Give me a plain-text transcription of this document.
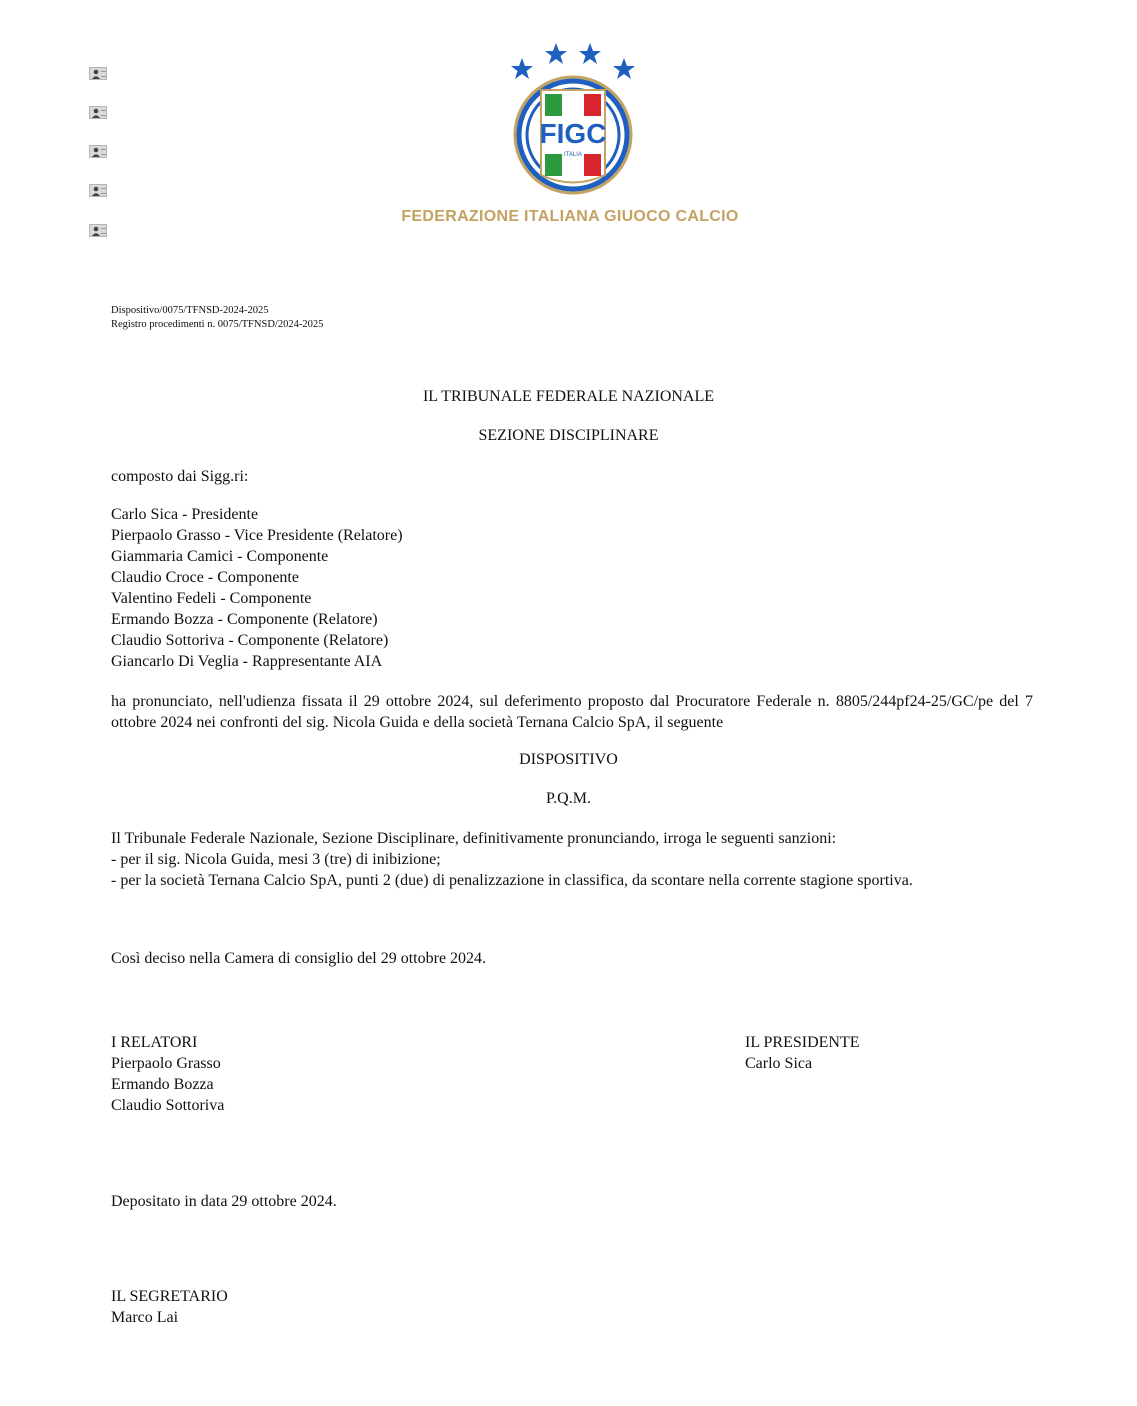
FIGC
ITALIA
FEDERAZIONE ITALIANA GIUOCO CALCIO
Dispositivo/0075/TFNSD-2024-2025
Registro procedimenti n. 0075/TFNSD/2024-2025
IL TRIBUNALE FEDERALE NAZIONALE
SEZIONE DISCIPLINARE
composto dai Sigg.ri:
Carlo Sica - Presidente
Pierpaolo Grasso - Vice Presidente (Relatore)
Giammaria Camici - Componente
Claudio Croce - Componente
Valentino Fedeli - Componente
Ermando Bozza - Componente (Relatore)
Claudio Sottoriva - Componente (Relatore)
Giancarlo Di Veglia - Rappresentante AIA
ha pronunciato, nell'udienza fissata il 29 ottobre 2024, sul deferimento proposto dal Procuratore Federale n. 8805/244pf24-25/GC/pe del 7 ottobre 2024 nei confronti del sig. Nicola Guida e della società Ternana Calcio SpA, il seguente
DISPOSITIVO
P.Q.M.
Il Tribunale Federale Nazionale, Sezione Disciplinare, definitivamente pronunciando, irroga le seguenti sanzioni:
- per il sig. Nicola Guida, mesi 3 (tre) di inibizione;
- per la società Ternana Calcio SpA, punti 2 (due) di penalizzazione in classifica, da scontare nella corrente stagione sportiva.
Così deciso nella Camera di consiglio del 29 ottobre 2024.
I RELATORI
Pierpaolo Grasso
Ermando Bozza
Claudio Sottoriva
IL PRESIDENTE
Carlo Sica
Depositato in data 29 ottobre 2024.
IL SEGRETARIO
Marco Lai
